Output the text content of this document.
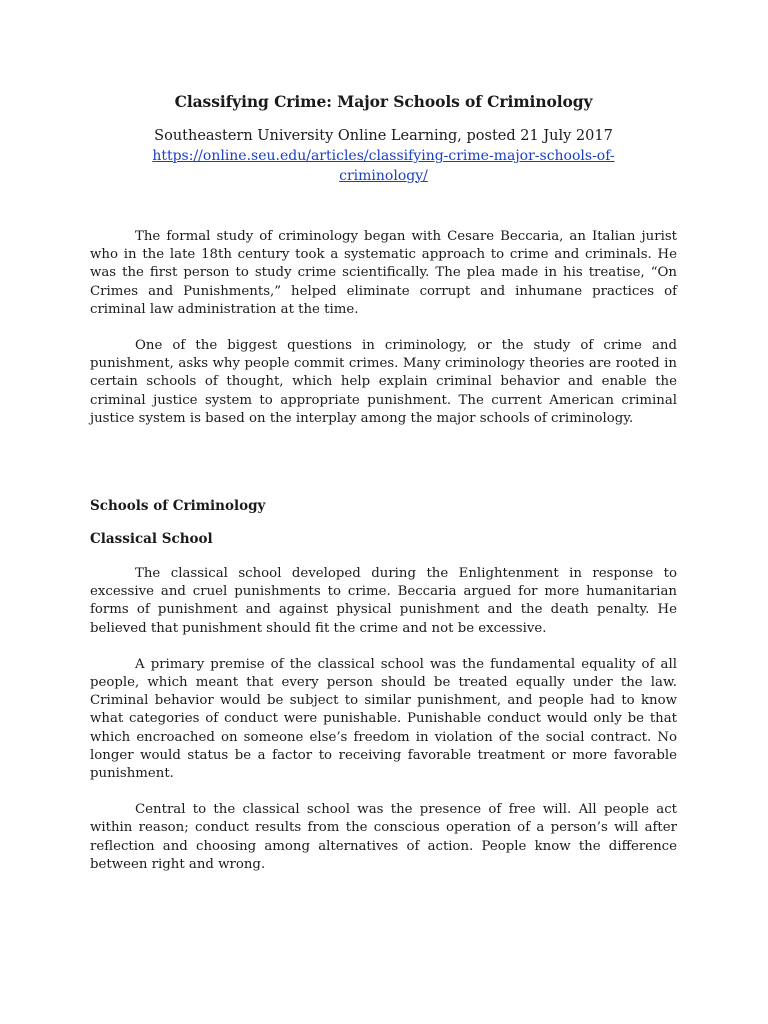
Classifying Crime: Major Schools of Criminology
Southeastern University Online Learning, posted 21 July 2017
https://online.seu.edu/articles/classifying-crime-major-schools-of-criminology/

The formal study of criminology began with Cesare Beccaria, an Italian jurist who in the late 18th century took a systematic approach to crime and criminals. He was the first person to study crime scientifically. The plea made in his treatise, “On Crimes and Punishments,” helped eliminate corrupt and inhumane practices of criminal law administration at the time.

One of the biggest questions in criminology, or the study of crime and punishment, asks why people commit crimes. Many criminology theories are rooted in certain schools of thought, which help explain criminal behavior and enable the criminal justice system to appropriate punishment. The current American criminal justice system is based on the interplay among the major schools of criminology.

Schools of Criminology
Classical School

The classical school developed during the Enlightenment in response to excessive and cruel punishments to crime. Beccaria argued for more humanitarian forms of punishment and against physical punishment and the death penalty. He believed that punishment should fit the crime and not be excessive.

A primary premise of the classical school was the fundamental equality of all people, which meant that every person should be treated equally under the law. Criminal behavior would be subject to similar punishment, and people had to know what categories of conduct were punishable. Punishable conduct would only be that which encroached on someone else’s freedom in violation of the social contract. No longer would status be a factor to receiving favorable treatment or more favorable punishment.

Central to the classical school was the presence of free will. All people act within reason; conduct results from the conscious operation of a person’s will after reflection and choosing among alternatives of action. People know the difference between right and wrong.
